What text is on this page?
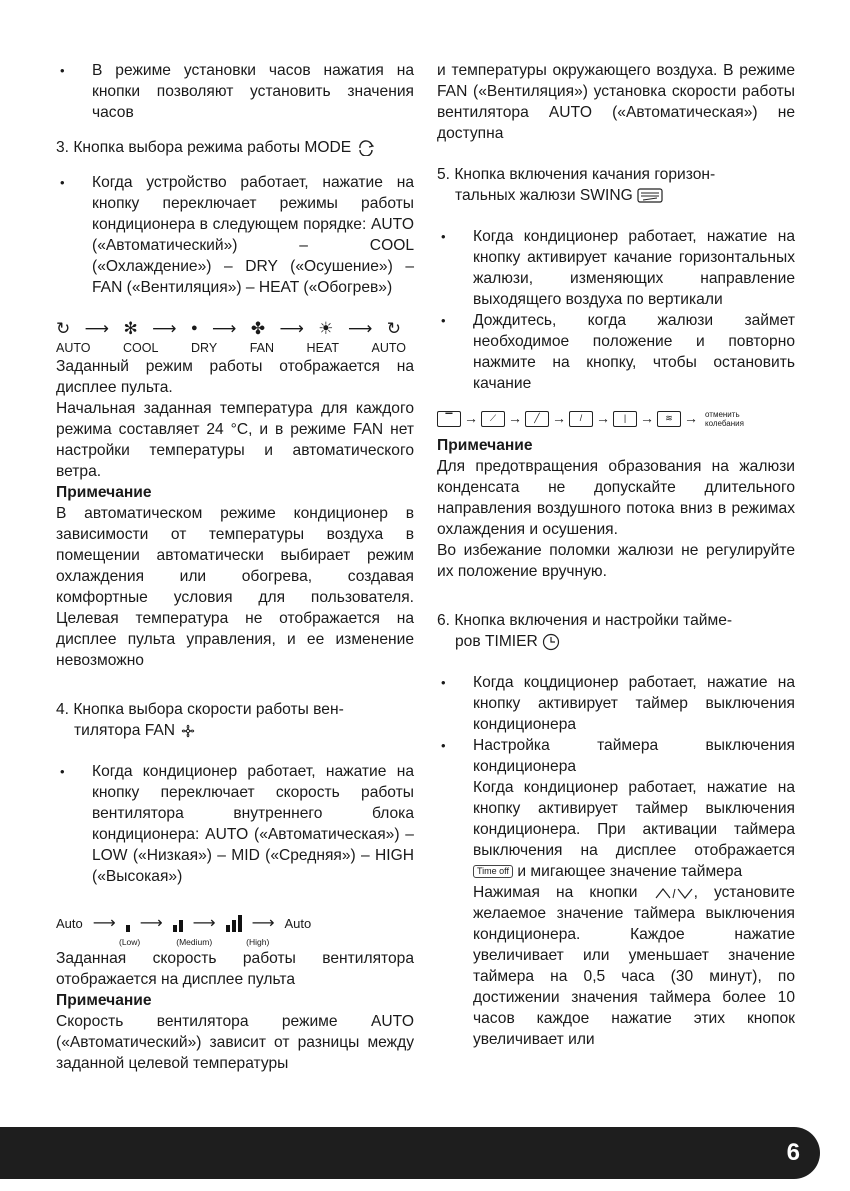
• В режиме установки часов нажатия на кнопки позволяют установить значения часов

3. Кнопка выбора режима работы MODE

• Когда устройство работает, нажатие на кнопку переключает режимы работы кондиционера в следующем порядке: AUTO («Автоматический») – COOL («Охлаждение») – DRY («Осушение») – FAN («Вентиляция») – HEAT («Обогрев»)

↻ ⟶ ✻ ⟶ ● ⟶ ✤ ⟶ ☀ ⟶ ↻
AUTO	COOL	DRY	FAN	HEAT	AUTO

Заданный режим работы отображается на дисплее пульта.

Начальная заданная температура для каждого режима составляет 24 °С, и в режиме FAN нет настройки температуры и автоматического ветра.

Примечание

В автоматическом режиме кондиционер в зависимости от температуры воздуха в помещении автоматически выбирает режим охлаждения или обогрева, создавая комфортные условия для пользователя. Целевая температура не отображается на дисплее пульта управления, и ее изменение невозможно

4. Кнопка выбора скорости работы вен-
тилятора FAN

• Когда кондиционер работает, нажатие на кнопку переключает скорость работы вентилятора внутреннего блока кондиционера: AUTO («Автоматическая») – LOW («Низкая») – MID («Средняя») – HIGH («Высокая»)

Auto ⟶ ⟶ ⟶ ⟶ Auto
(Low)	(Medium)	(High)

Заданная скорость работы вентилятора отображается на дисплее пульта

Примечание

Скорость вентилятора режиме AUTO («Автоматический») зависит от разницы между заданной целевой температуры

и температуры окружающего воздуха. В режиме FAN («Вентиляция») установка скорости работы вентилятора AUTO («Автоматическая») не доступна

5. Кнопка включения качания горизон-
тальных жалюзи SWING

• Когда кондиционер работает, нажатие на кнопку активирует качание горизонтальных жалюзи, изменяющих направление выходящего воздуха по вертикали

• Дождитесь, когда жалюзи займет необходимое положение и повторно нажмите на кнопку, чтобы остановить качание

▔ →	⟋ →	╱ →	/ →	| →	≋ → отменить
колебания

Примечание

Для предотвращения образования на жалюзи конденсата не допускайте длительного направления воздушного потока вниз в режимах охлаждения и осушения.

Во избежание поломки жалюзи не регулируйте их положение вручную.

6. Кнопка включения и настройки тайме-
ров TIMIER

• Когда коцдиционер работает, нажатие на кнопку активирует таймер выключения кондиционера

• Настройка таймера выключения кондиционера

Когда кондиционер работает, нажатие на кнопку активирует таймер выключения кондиционера. При активации таймера выключения на дисплее отображается Time off и мигающее значение таймера

Нажимая на кнопки	, установите желаемое значение таймера выключения кондиционера. Каждое нажатие увеличивает или уменьшает значение таймера на 0,5 часа (30 минут), по достижении значения таймера более 10 часов каждое нажатие этих кнопок увеличивает или

6
